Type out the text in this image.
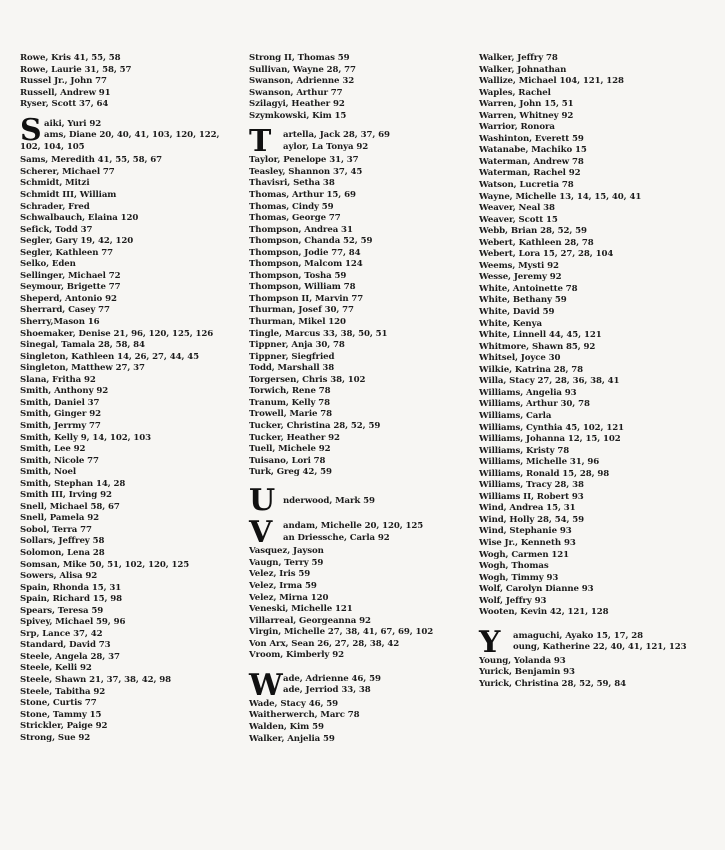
Rowe, Kris 41, 55, 58
Rowe, Laurie 31, 58, 57
Russel Jr., John 77
Russell, Andrew 91
Ryser, Scott 37, 64
S aiki, Yuri 92
ams, Diane 20, 40, 41, 103, 120, 122,
102, 104, 105
Sams, Meredith 41, 55, 58, 67
Scherer, Michael 77
Schmidt, Mitzi
Schmidt III, William
Schrader, Fred
Schwalbauch, Elaina 120
Sefick, Todd 37
Segler, Gary 19, 42, 120
Segler, Kathleen 77
Selko, Eden
Sellinger, Michael 72
Seymour, Brigette 77
Sheperd, Antonio 92
Sherrard, Casey 77
Sherry,Mason 16
Shoemaker, Denise 21, 96, 120, 125, 126
Sinegal, Tamala 28, 58, 84
Singleton, Kathleen 14, 26, 27, 44, 45
Singleton, Matthew 27, 37
Slana, Fritha 92
Smith, Anthony 92
Smith, Daniel 37
Smith, Ginger 92
Smith, Jerrmy 77
Smith, Kelly 9, 14, 102, 103
Smith, Lee 92
Smith, Nicole 77
Smith, Noel
Smith, Stephan 14, 28
Smith III, Irving 92
Snell, Michael 58, 67
Snell, Pamela 92
Sobol, Terra 77
Sollars, Jeffrey 58
Solomon, Lena 28
Somsan, Mike 50, 51, 102, 120, 125
Sowers, Alisa 92
Spain, Rhonda 15, 31
Spain, Richard 15, 98
Spears, Teresa 59
Spivey, Michael 59, 96
Srp, Lance 37, 42
Standard, David 73
Steele, Angela 28, 37
Steele, Kelli 92
Steele, Shawn 21, 37, 38, 42, 98
Steele, Tabitha 92
Stone, Curtis 77
Stone, Tammy 15
Strickler, Paige 92
Strong, Sue 92
Strong II, Thomas 59
Sullivan, Wayne 28, 77
Swanson, Adrienne 32
Swanson, Arthur 77
Szilagyi, Heather 92
Szymkowski, Kim 15
T	artella, Jack 28, 37, 69
aylor, La Tonya 92
Taylor, Penelope 31, 37
Teasley, Shannon 37, 45
Thavisri, Setha 38
Thomas, Arthur 15, 69
Thomas, Cindy 59
Thomas, George 77
Thompson, Andrea 31
Thompson, Chanda 52, 59
Thompson, Jodie 77, 84
Thompson, Malcom 124
Thompson, Tosha 59
Thompson, William 78
Thompson II, Marvin 77
Thurman, Josef 30, 77
Thurman, Mikel 120
Tingle, Marcus 33, 38, 50, 51
Tippner, Anja 30, 78
Tippner, Siegfried
Todd, Marshall 38
Torgersen, Chris 38, 102
Torwich, Rene 78
Tranum, Kelly 78
Trowell, Marie 78
Tucker, Christina 28, 52, 59
Tucker, Heather 92
Tuell, Michele 92
Tuisano, Lori 78
Turk, Greg 42, 59
U nderwood, Mark 59
V	andam, Michelle 20, 120, 125
an Driessche, Carla 92
Vasquez, Jayson
Vaugn, Terry 59
Velez, Iris 59
Velez, Irma 59
Velez, Mirna 120
Veneski, Michelle 121
Villarreal, Georgeanna 92
Virgin, Michelle 27, 38, 41, 67, 69, 102
Von Arx, Sean 26, 27, 28, 38, 42
Vroom, Kimberly 92
W ade, Adrienne 46, 59
ade, Jerriod 33, 38
Wade, Stacy 46, 59
Waitherwerch, Marc 78
Walden, Kim 59
Walker, Anjelia 59
Walker, Jeffry 78
Walker, Johnathan
Wallize, Michael 104, 121, 128
Waples, Rachel
Warren, John 15, 51
Warren, Whitney 92
Warrior, Ronora
Washinton, Everett 59
Watanabe, Machiko 15
Waterman, Andrew 78
Waterman, Rachel 92
Watson, Lucretia 78
Wayne, Michelle 13, 14, 15, 40, 41
Weaver, Neal 38
Weaver, Scott 15
Webb, Brian 28, 52, 59
Webert, Kathleen 28, 78
Webert, Lora 15, 27, 28, 104
Weems, Mysti 92
Wesse, Jeremy 92
White, Antoinette 78
White, Bethany 59
White, David 59
White, Kenya
White, Linnell 44, 45, 121
Whitmore, Shawn 85, 92
Whitsel, Joyce 30
Wilkie, Katrina 28, 78
Willa, Stacy 27, 28, 36, 38, 41
Williams, Angelia 93
Williams, Arthur 30, 78
Williams, Carla
Williams, Cynthia 45, 102, 121
Williams, Johanna 12, 15, 102
Williams, Kristy 78
Williams, Michelle 31, 96
Williams, Ronald 15, 28, 98
Williams, Tracy 28, 38
Williams II, Robert 93
Wind, Andrea 15, 31
Wind, Holly 28, 54, 59
Wind, Stephanie 93
Wise Jr., Kenneth 93
Wogh, Carmen 121
Wogh, Thomas
Wogh, Timmy 93
Wolf, Carolyn Dianne 93
Wolf, Jeffry 93
Wooten, Kevin 42, 121, 128
Y	amaguchi, Ayako 15, 17, 28
oung, Katherine 22, 40, 41, 121, 123
Young, Yolanda 93
Yurick, Benjamin 93
Yurick, Christina 28, 52, 59, 84
